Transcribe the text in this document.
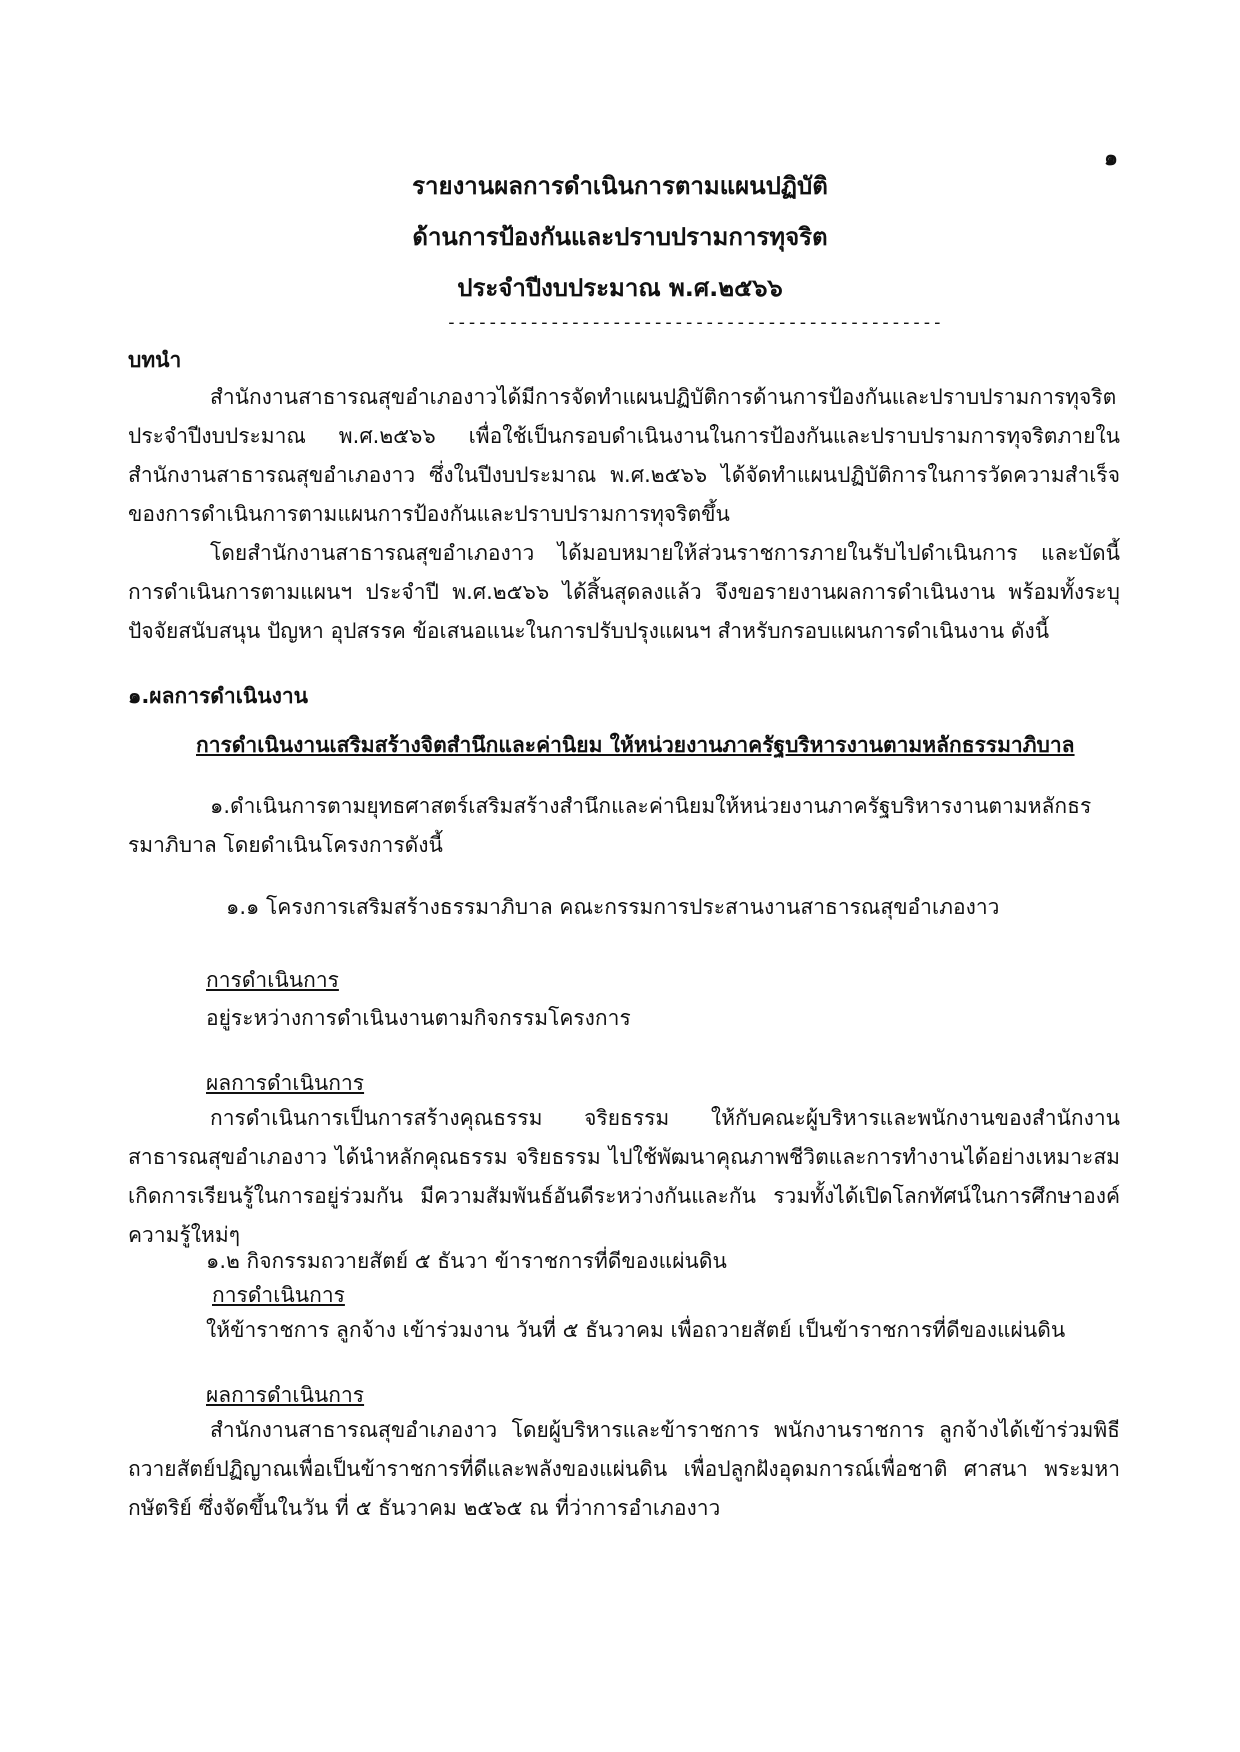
๑
รายงานผลการดำเนินการตามแผนปฏิบัติ
ด้านการป้องกันและปราบปรามการทุจริต
ประจำปีงบประมาณ พ.ศ.๒๕๖๖
------------------------------------------------
บทนำ
สำนักงานสาธารณสุขอำเภองาวได้มีการจัดทำแผนปฏิบัติการด้านการป้องกันและปราบปรามการทุจริต ประจำปีงบประมาณ พ.ศ.๒๕๖๖ เพื่อใช้เป็นกรอบดำเนินงานในการป้องกันและปราบปรามการทุจริตภายใน สำนักงานสาธารณสุขอำเภองาว ซึ่งในปีงบประมาณ พ.ศ.๒๕๖๖ ได้จัดทำแผนปฏิบัติการในการวัดความสำเร็จของการดำเนินการตามแผนการป้องกันและปราบปรามการทุจริตขึ้น
โดยสำนักงานสาธารณสุขอำเภองาว ได้มอบหมายให้ส่วนราชการภายในรับไปดำเนินการ และบัดนี้การดำเนินการตามแผนฯ ประจำปี พ.ศ.๒๕๖๖ ได้สิ้นสุดลงแล้ว จึงขอรายงานผลการดำเนินงาน พร้อมทั้งระบุปัจจัยสนับสนุน ปัญหา อุปสรรค ข้อเสนอแนะในการปรับปรุงแผนฯ สำหรับกรอบแผนการดำเนินงาน ดังนี้
๑.ผลการดำเนินงาน
การดำเนินงานเสริมสร้างจิตสำนึกและค่านิยม ให้หน่วยงานภาครัฐบริหารงานตามหลักธรรมาภิบาล
๑.ดำเนินการตามยุทธศาสตร์เสริมสร้างสำนึกและค่านิยมให้หน่วยงานภาครัฐบริหารงานตามหลักธรรมาภิบาล โดยดำเนินโครงการดังนี้
๑.๑ โครงการเสริมสร้างธรรมาภิบาล คณะกรรมการประสานงานสาธารณสุขอำเภองาว
การดำเนินการ
อยู่ระหว่างการดำเนินงานตามกิจกรรมโครงการ
ผลการดำเนินการ
การดำเนินการเป็นการสร้างคุณธรรม จริยธรรม ให้กับคณะผู้บริหารและพนักงานของสำนักงานสาธารณสุขอำเภองาว ได้นำหลักคุณธรรม จริยธรรม ไปใช้พัฒนาคุณภาพชีวิตและการทำงานได้อย่างเหมาะสม เกิดการเรียนรู้ในการอยู่ร่วมกัน มีความสัมพันธ์อันดีระหว่างกันและกัน รวมทั้งได้เปิดโลกทัศน์ในการศึกษาองค์ความรู้ใหม่ๆ
๑.๒ กิจกรรมถวายสัตย์ ๕ ธันวา ข้าราชการที่ดีของแผ่นดิน
การดำเนินการ
ให้ข้าราชการ ลูกจ้าง เข้าร่วมงาน วันที่ ๕ ธันวาคม เพื่อถวายสัตย์ เป็นข้าราชการที่ดีของแผ่นดิน
ผลการดำเนินการ
สำนักงานสาธารณสุขอำเภองาว โดยผู้บริหารและข้าราชการ พนักงานราชการ ลูกจ้างได้เข้าร่วมพิธีถวายสัตย์ปฏิญาณเพื่อเป็นข้าราชการที่ดีและพลังของแผ่นดิน เพื่อปลูกฝังอุดมการณ์เพื่อชาติ ศาสนา พระมหากษัตริย์ ซึ่งจัดขึ้นในวัน ที่ ๕ ธันวาคม ๒๕๖๕ ณ ที่ว่าการอำเภองาว
